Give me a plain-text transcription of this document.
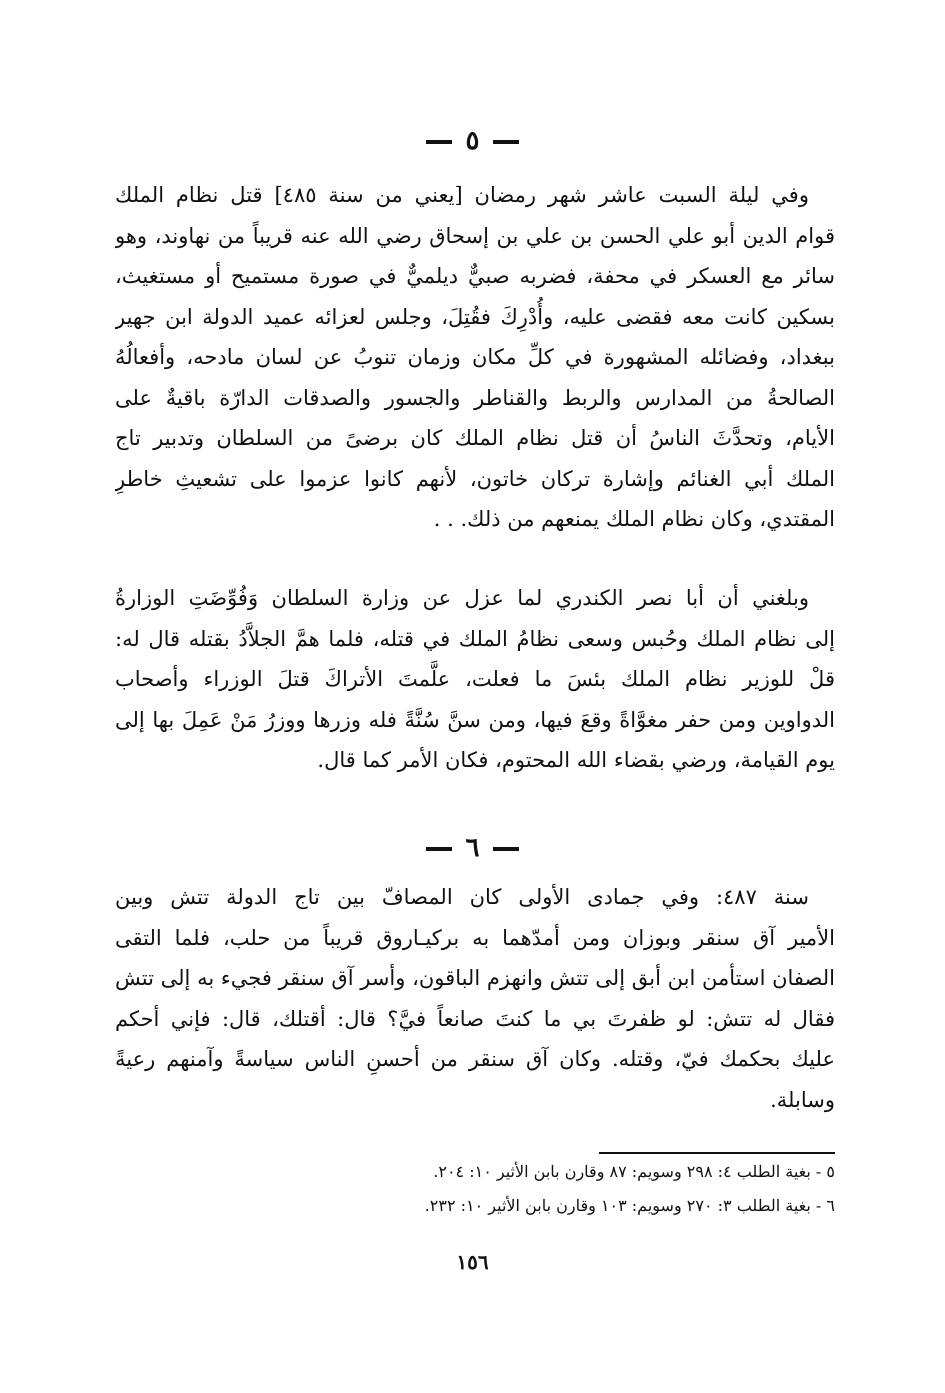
٥
وفي ليلة السبت عاشر شهر رمضان [يعني من سنة ٤٨٥] قتل نظام الملك
قوام الدين أبو علي الحسن بن علي بن إسحاق رضي الله عنه قريباً من نهاوند، وهو
سائر مع العسكر في محفة، فضربه صبيٌّ ديلميٌّ في صورة مستميح أو مستغيث،
بسكين كانت معه فقضى عليه، وأُدْرِكَ فقُتِلَ، وجلس لعزائه عميد الدولة ابن جهير
ببغداد، وفضائله المشهورة في كلِّ مكان وزمان تنوبُ عن لسان مادحه، وأفعالُهُ
الصالحةُ من المدارس والربط والقناطر والجسور والصدقات الدارّة باقيةٌ على
الأيام، وتحدَّثَ الناسُ أن قتل نظام الملك كان برضىً من السلطان وتدبير تاج
الملك أبي الغنائم وإشارة تركان خاتون، لأنهم كانوا عزموا على تشعيثِ خاطرِ
المقتدي، وكان نظام الملك يمنعهم من ذلك. . .
وبلغني أن أبا نصر الكندري لما عزل عن وزارة السلطان وَفُوِّضَتِ الوزارةُ
إلى نظام الملك وحُبس وسعى نظامُ الملك في قتله، فلما همَّ الجلاَّدُ بقتله قال له:
قلْ للوزير نظام الملك بئسَ ما فعلت، علَّمتَ الأتراكَ قتلَ الوزراء وأصحاب
الدواوين ومن حفر مغوَّاةً وقعَ فيها، ومن سنَّ سُنَّةً فله وزرها ووزرُ مَنْ عَمِلَ بها إلى
يوم القيامة، ورضي بقضاء الله المحتوم، فكان الأمر كما قال.
٦
سنة ٤٨٧: وفي جمادى الأولى كان المصافّ بين تاج الدولة تتش وبين
الأمير آق سنقر وبوزان ومن أمدّهما به بركيـاروق قريباً من حلب، فلما التقى
الصفان استأمن ابن أبق إلى تتش وانهزم الباقون، وأسر آق سنقر فجيء به إلى تتش
فقال له تتش: لو ظفرتَ بي ما كنتَ صانعاً فيَّ؟ قال: أقتلك، قال: فإني أحكم
عليك بحكمك فيّ، وقتله. وكان آق سنقر من أحسنِ الناس سياسةً وآمنهم رعيةً
وسابلة.
٥ - بغية الطلب ٤: ٢٩٨ وسويم: ٨٧ وقارن بابن الأثير ١٠: ٢٠٤.
٦ - بغية الطلب ٣: ٢٧٠ وسويم: ١٠٣ وقارن بابن الأثير ١٠: ٢٣٢.
١٥٦
